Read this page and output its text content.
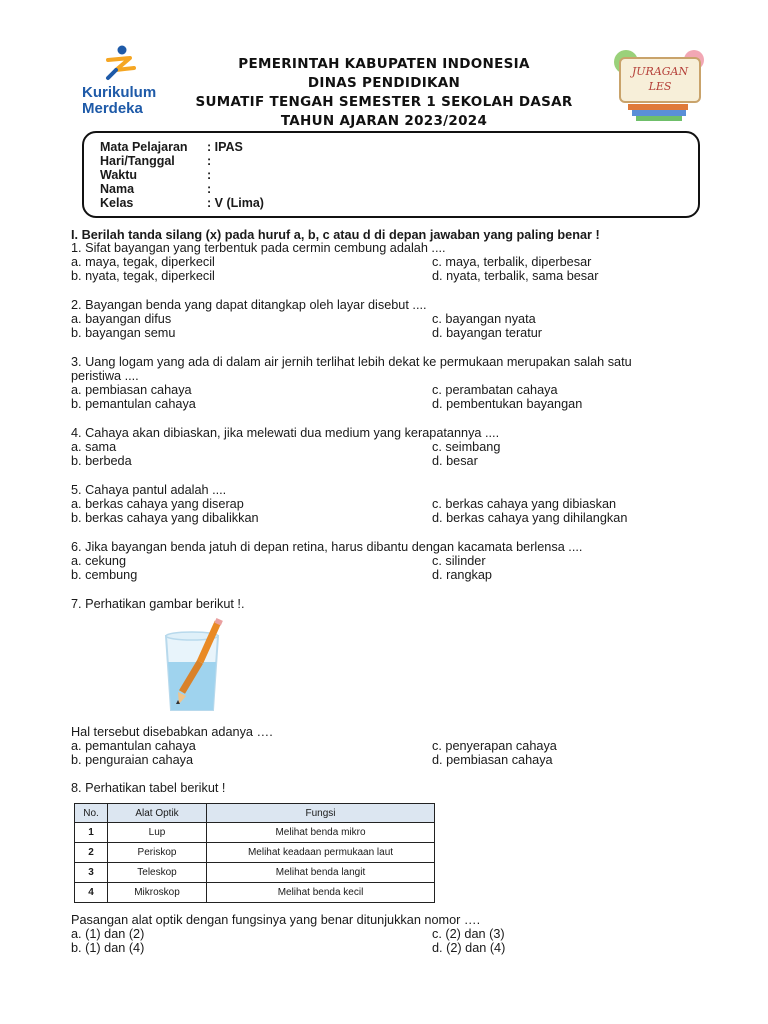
Kurikulum
Merdeka
JURAGAN
LES
PEMERINTAH KABUPATEN INDONESIA
DINAS PENDIDIKAN
SUMATIF TENGAH SEMESTER 1 SEKOLAH DASAR
TAHUN AJARAN 2023/2024
Mata Pelajaran : IPAS
Hari/Tanggal	:
Waktu	:
Nama	:
Kelas	: V (Lima)
I. Berilah tanda silang (x) pada huruf a, b, c atau d di depan jawaban yang paling benar !
1. Sifat bayangan yang terbentuk pada cermin cembung adalah ....
a. maya, tegak, diperkecil
b. nyata, tegak, diperkecil
c. maya, terbalik, diperbesar
d. nyata, terbalik, sama besar
2. Bayangan benda yang dapat ditangkap oleh layar disebut ....
a. bayangan difus
b. bayangan semu
c. bayangan nyata
d. bayangan teratur
3. Uang logam yang ada di dalam air jernih terlihat lebih dekat ke permukaan merupakan salah satu
peristiwa ....
a. pembiasan cahaya
b. pemantulan cahaya
c. perambatan cahaya
d. pembentukan bayangan
4. Cahaya akan dibiaskan, jika melewati dua medium yang kerapatannya ....
a. sama
b. berbeda
c. seimbang
d. besar
5. Cahaya pantul adalah ....
a. berkas cahaya yang diserap
b. berkas cahaya yang dibalikkan
c. berkas cahaya yang dibiaskan
d. berkas cahaya yang dihilangkan
6. Jika bayangan benda jatuh di depan retina, harus dibantu dengan kacamata berlensa ....
a. cekung
b. cembung
c. silinder
d. rangkap
7. Perhatikan gambar berikut !.
Hal tersebut disebabkan adanya ….
a. pemantulan cahaya
b. penguraian cahaya
c. penyerapan cahaya
d. pembiasan cahaya
8. Perhatikan tabel berikut !
No.	Alat Optik	Fungsi
1	Lup	Melihat benda mikro
2	Periskop	Melihat keadaan permukaan laut
3	Teleskop	Melihat benda langit
4	Mikroskop	Melihat benda kecil
Pasangan alat optik dengan fungsinya yang benar ditunjukkan nomor ….
a. (1) dan (2)
b. (1) dan (4)
c. (2) dan (3)
d. (2) dan (4)
